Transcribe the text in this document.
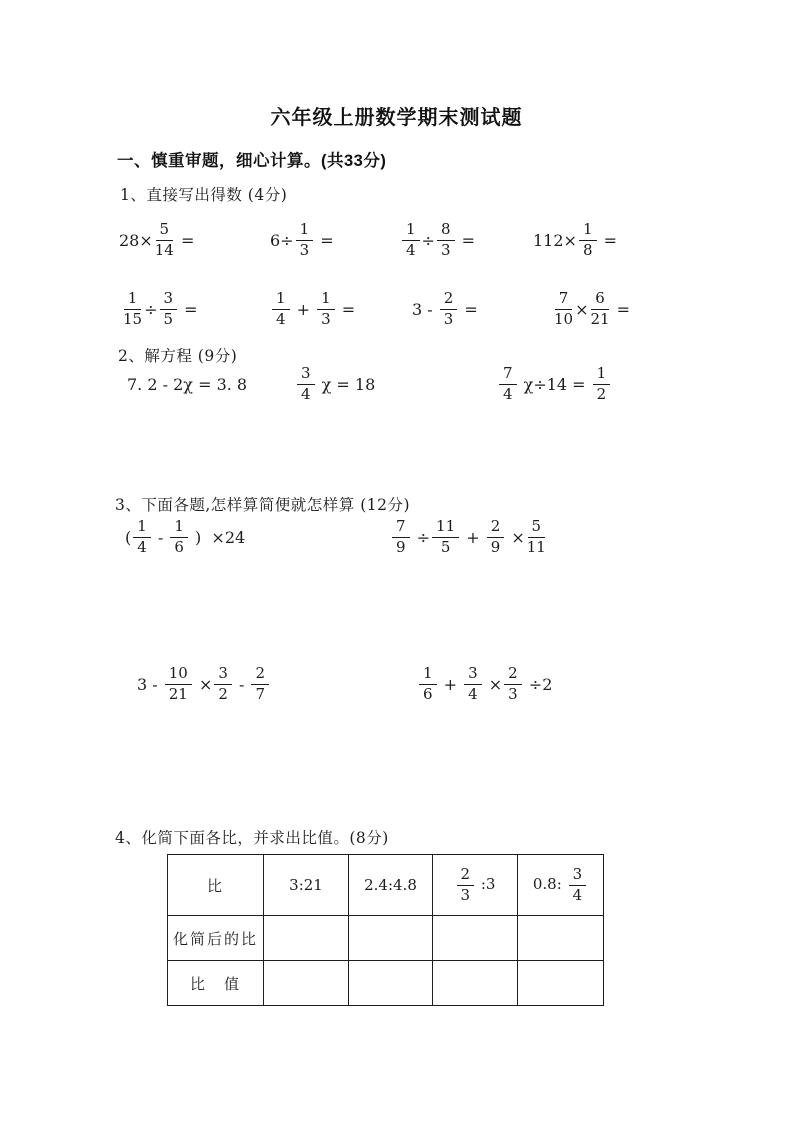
六年级上册数学期末测试题
一、慎重审题，细心计算。(共33分)
1、直接写出得数 (4分)
$28\times \frac{5}{14}$ =	$6\div \frac{1}{3}$ =	$\frac{1}{4} \div \frac{8}{3}$ =	$112\times \frac{1}{8}$ =
$\frac{1}{15} \div \frac{3}{5}$ =	$\frac{1}{4} + \frac{1}{3}$ =	$3 - \frac{2}{3}$ =	$\frac{7}{10} \times \frac{6}{21}$ =
2、解方程 (9分)
7. 2 - 2χ = 3. 8	$\frac{3}{4}$ χ = 18	$\frac{7}{4} \chi\div 14 = \frac{1}{2}$
3、下面各题,怎样算简便就怎样算 (12分)
( $\frac{1}{4} - \frac{1}{6}$ )  ×24	$\frac{7}{9} \div \frac{11}{5} + \frac{2}{9} \times \frac{5}{11}$
$3 - \frac{10}{21} \times \frac{3}{2} - \frac{2}{7}$	$\frac{1}{6} + \frac{3}{4} \times \frac{2}{3} \div 2$
4、化简下面各比，并求出比值。(8分)
比	3:21	2.4:4.8	$\frac{2}{3}$ :3	0.8: $\frac{3}{4}$

化简后的比				
比　值				
